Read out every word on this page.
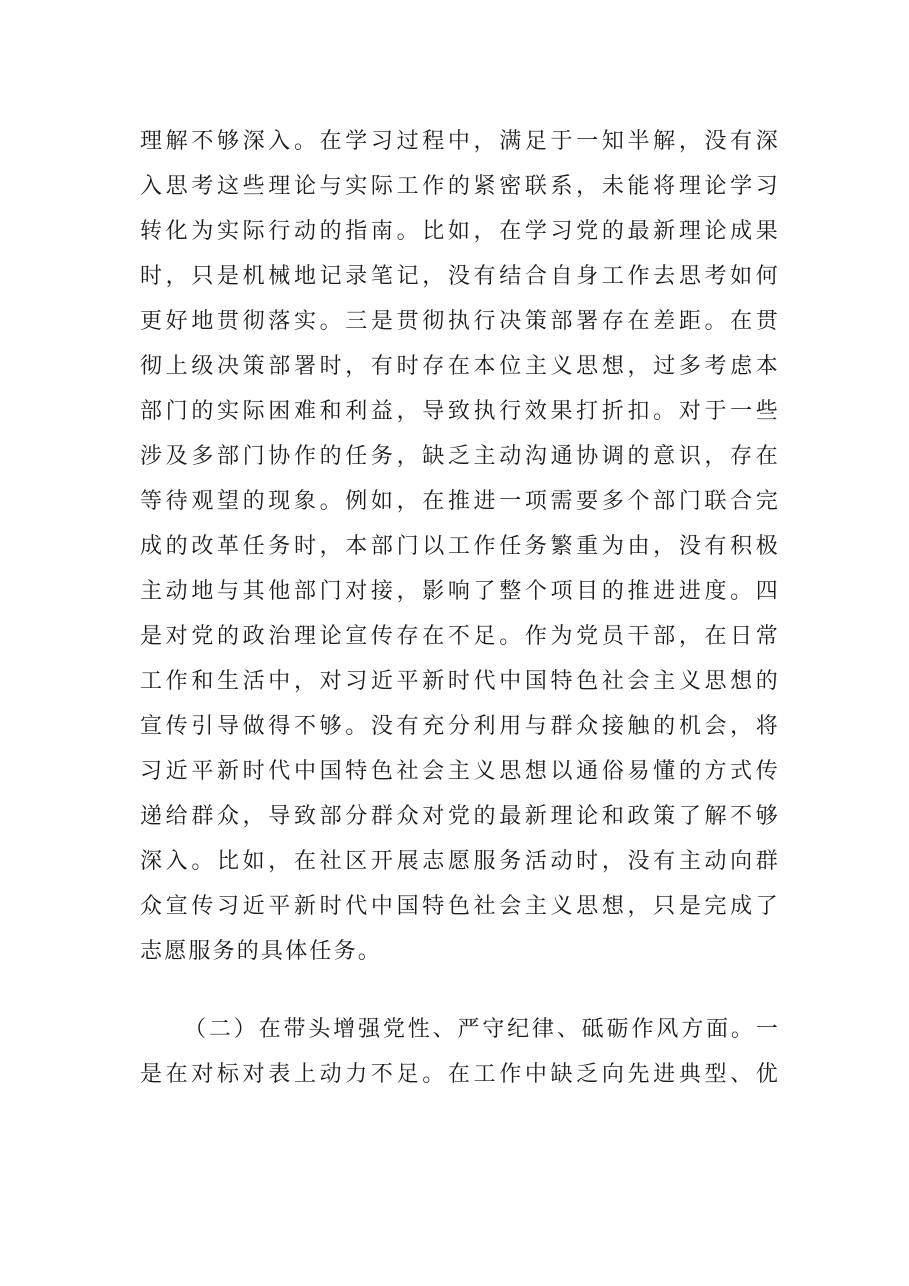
理解不够深入。在学习过程中，满足于一知半解，没有深
入思考这些理论与实际工作的紧密联系，未能将理论学习
转化为实际行动的指南。比如，在学习党的最新理论成果
时，只是机械地记录笔记，没有结合自身工作去思考如何
更好地贯彻落实。三是贯彻执行决策部署存在差距。在贯
彻上级决策部署时，有时存在本位主义思想，过多考虑本
部门的实际困难和利益，导致执行效果打折扣。对于一些
涉及多部门协作的任务，缺乏主动沟通协调的意识，存在
等待观望的现象。例如，在推进一项需要多个部门联合完
成的改革任务时，本部门以工作任务繁重为由，没有积极
主动地与其他部门对接，影响了整个项目的推进进度。四
是对党的政治理论宣传存在不足。作为党员干部，在日常
工作和生活中，对习近平新时代中国特色社会主义思想的
宣传引导做得不够。没有充分利用与群众接触的机会，将
习近平新时代中国特色社会主义思想以通俗易懂的方式传
递给群众，导致部分群众对党的最新理论和政策了解不够
深入。比如，在社区开展志愿服务活动时，没有主动向群
众宣传习近平新时代中国特色社会主义思想，只是完成了
志愿服务的具体任务。
（二）在带头增强党性、严守纪律、砥砺作风方面。一
是在对标对表上动力不足。在工作中缺乏向先进典型、优
